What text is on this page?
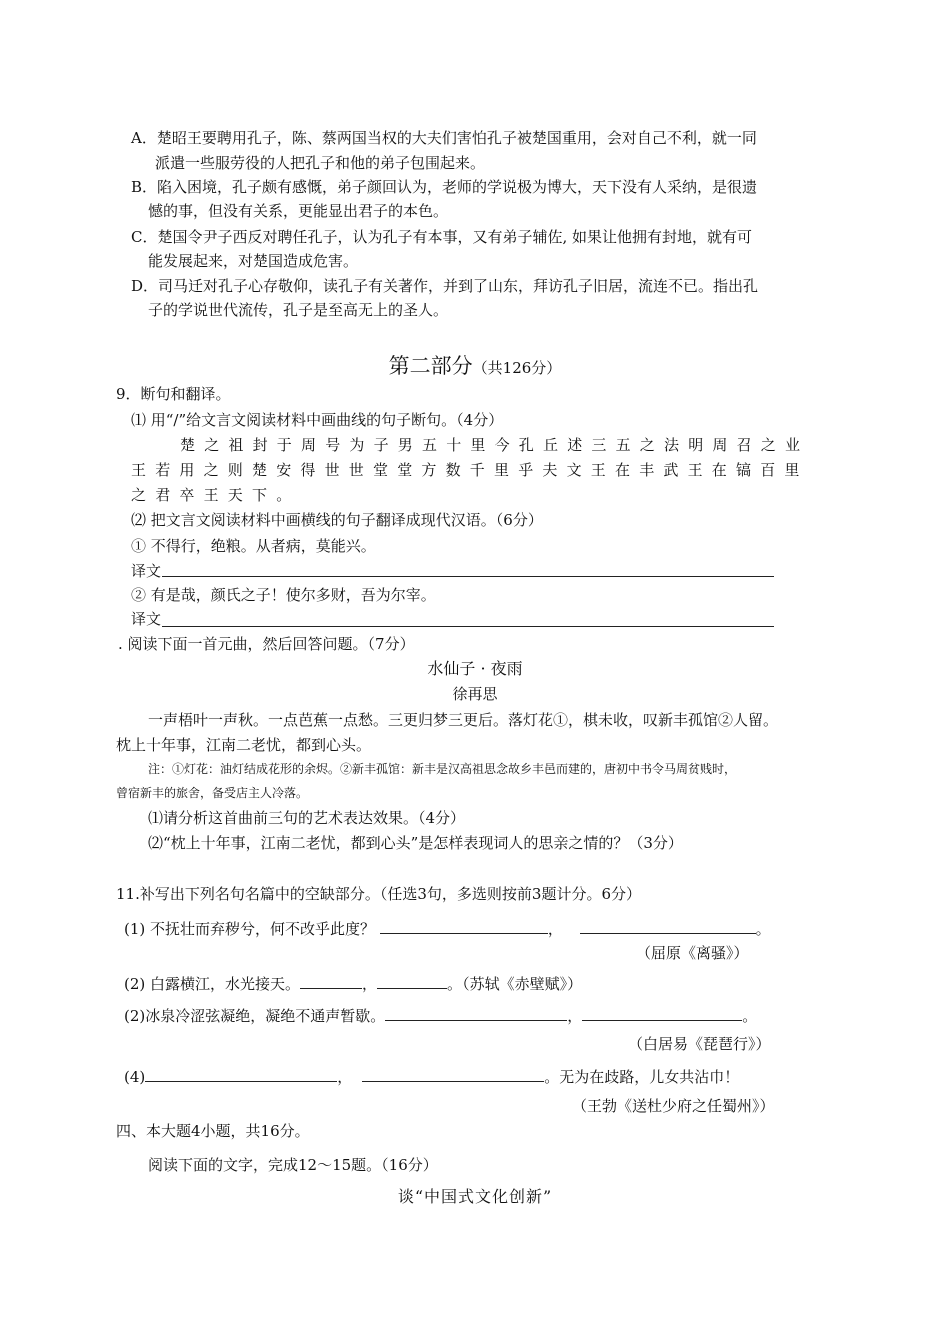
A．楚昭王要聘用孔子，陈、蔡两国当权的大夫们害怕孔子被楚国重用，会对自己不利，就一同
派遣一些服劳役的人把孔子和他的弟子包围起来。
B．陷入困境，孔子颇有感慨，弟子颜回认为，老师的学说极为博大，天下没有人采纳，是很遗
憾的事，但没有关系，更能显出君子的本色。
C．楚国令尹子西反对聘任孔子，认为孔子有本事，又有弟子辅佐, 如果让他拥有封地，就有可
能发展起来，对楚国造成危害。
D．司马迁对孔子心存敬仰，读孔子有关著作，并到了山东，拜访孔子旧居，流连不已。指出孔
子的学说世代流传，孔子是至高无上的圣人。
第二部分（共126分）
9．断句和翻译。
⑴ 用“/”给文言文阅读材料中画曲线的句子断句。（4分）
楚之祖封于周号为子男五十里今孔丘述三五之法明周召之业
王若用之则楚安得世世堂堂方数千里乎夫文王在丰武王在镐百里
之君卒王天下。
⑵ 把文言文阅读材料中画横线的句子翻译成现代汉语。（6分）
① 不得行，绝粮。从者病，莫能兴。
译文
② 有是哉，颜氏之子！使尔多财，吾为尔宰。
译文
. 阅读下面一首元曲，然后回答问题。（7分）
水仙子 · 夜雨
徐再思
一声梧叶一声秋。一点芭蕉一点愁。三更归梦三更后。落灯花①，棋未收，叹新丰孤馆②人留。
枕上十年事，江南二老忧，都到心头。
注：①灯花：油灯结成花形的余烬。②新丰孤馆：新丰是汉高祖思念故乡丰邑而建的，唐初中书令马周贫贱时，
曾宿新丰的旅舍，备受店主人冷落。
⑴请分析这首曲前三句的艺术表达效果。（4分）
⑵“枕上十年事，江南二老忧，都到心头”是怎样表现词人的思亲之情的？（3分）
11.补写出下列名句名篇中的空缺部分。（任选3句，多选则按前3题计分。6分）
(1) 不抚壮而弃秽兮，何不改乎此度？	，	。
（屈原《离骚》）
(2) 白露横江，水光接天。	，	。（苏轼《赤壁赋》）
(2)冰泉冷涩弦凝绝，凝绝不通声暂歇。	，	。
（白居易《琵琶行》）
(4)	，	。无为在歧路，儿女共沾巾！
（王勃《送杜少府之任蜀州》）
四、本大题4小题，共16分。
阅读下面的文字，完成12～15题。（16分）
谈“中国式文化创新”
